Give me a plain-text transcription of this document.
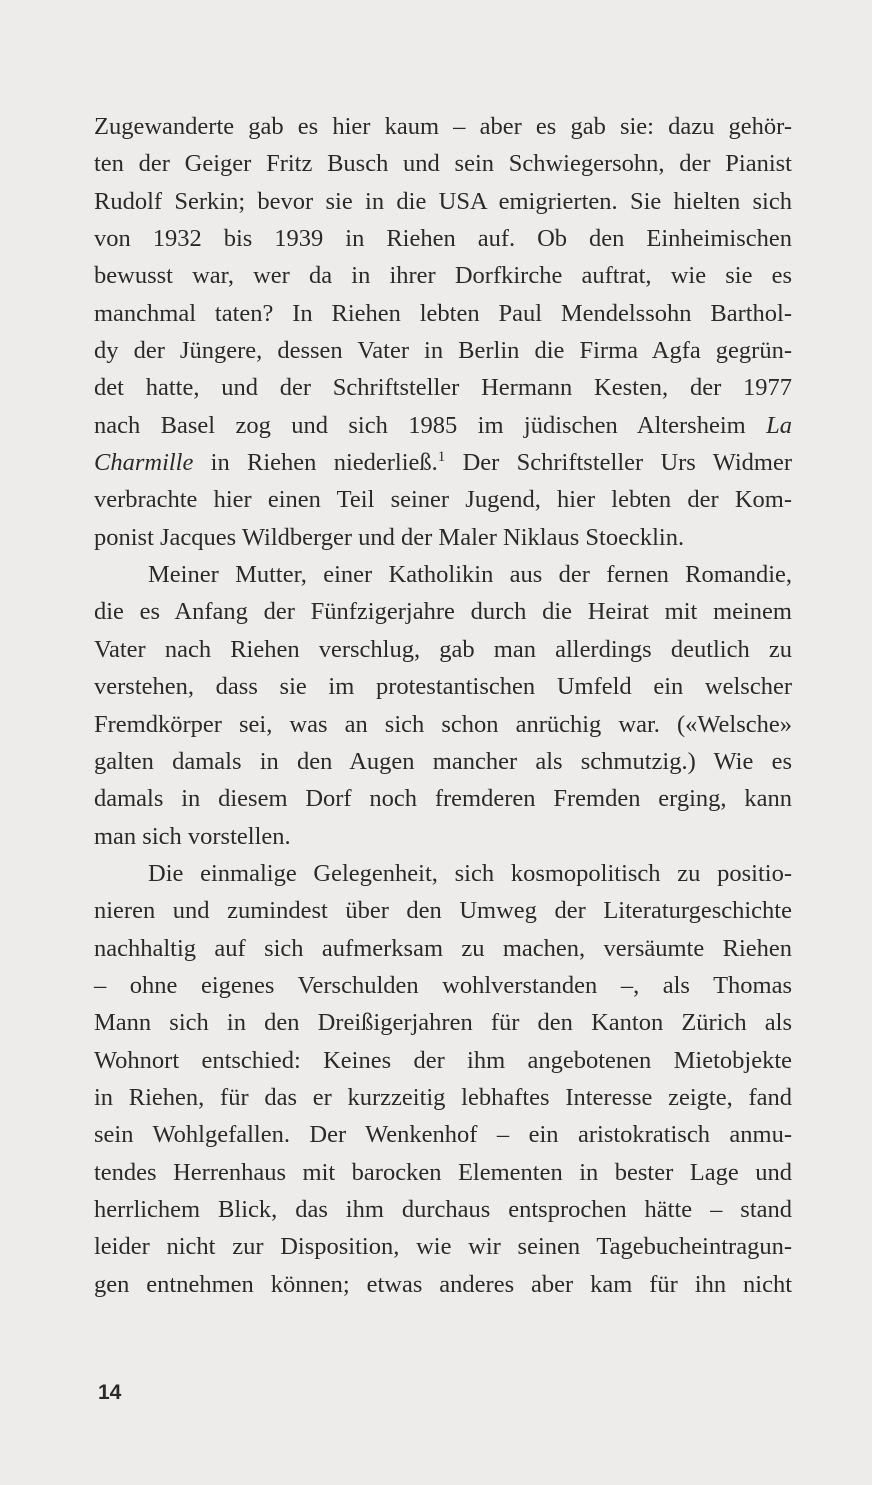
Zugewanderte gab es hier kaum – aber es gab sie: dazu gehör-
ten der Geiger Fritz Busch und sein Schwiegersohn, der Pianist
Rudolf Serkin; bevor sie in die USA emigrierten. Sie hielten sich
von 1932 bis 1939 in Riehen auf. Ob den Einheimischen
bewusst war, wer da in ihrer Dorfkirche auftrat, wie sie es
manchmal taten? In Riehen lebten Paul Mendelssohn Barthol-
dy der Jüngere, dessen Vater in Berlin die Firma Agfa gegrün-
det hatte, und der Schriftsteller Hermann Kesten, der 1977
nach Basel zog und sich 1985 im jüdischen Altersheim La
Charmille in Riehen niederließ.$^1$ Der Schriftsteller Urs Widmer
verbrachte hier einen Teil seiner Jugend, hier lebten der Kom-
ponist Jacques Wildberger und der Maler Niklaus Stoecklin.
Meiner Mutter, einer Katholikin aus der fernen Romandie,
die es Anfang der Fünfzigerjahre durch die Heirat mit meinem
Vater nach Riehen verschlug, gab man allerdings deutlich zu
verstehen, dass sie im protestantischen Umfeld ein welscher
Fremdkörper sei, was an sich schon anrüchig war. («Welsche»
galten damals in den Augen mancher als schmutzig.) Wie es
damals in diesem Dorf noch fremderen Fremden erging, kann
man sich vorstellen.
Die einmalige Gelegenheit, sich kosmopolitisch zu positio-
nieren und zumindest über den Umweg der Literaturgeschichte
nachhaltig auf sich aufmerksam zu machen, versäumte Riehen
– ohne eigenes Verschulden wohlverstanden –, als Thomas
Mann sich in den Dreißigerjahren für den Kanton Zürich als
Wohnort entschied: Keines der ihm angebotenen Mietobjekte
in Riehen, für das er kurzzeitig lebhaftes Interesse zeigte, fand
sein Wohlgefallen. Der Wenkenhof – ein aristokratisch anmu-
tendes Herrenhaus mit barocken Elementen in bester Lage und
herrlichem Blick, das ihm durchaus entsprochen hätte – stand
leider nicht zur Disposition, wie wir seinen Tagebucheintragun-
gen entnehmen können; etwas anderes aber kam für ihn nicht
14
